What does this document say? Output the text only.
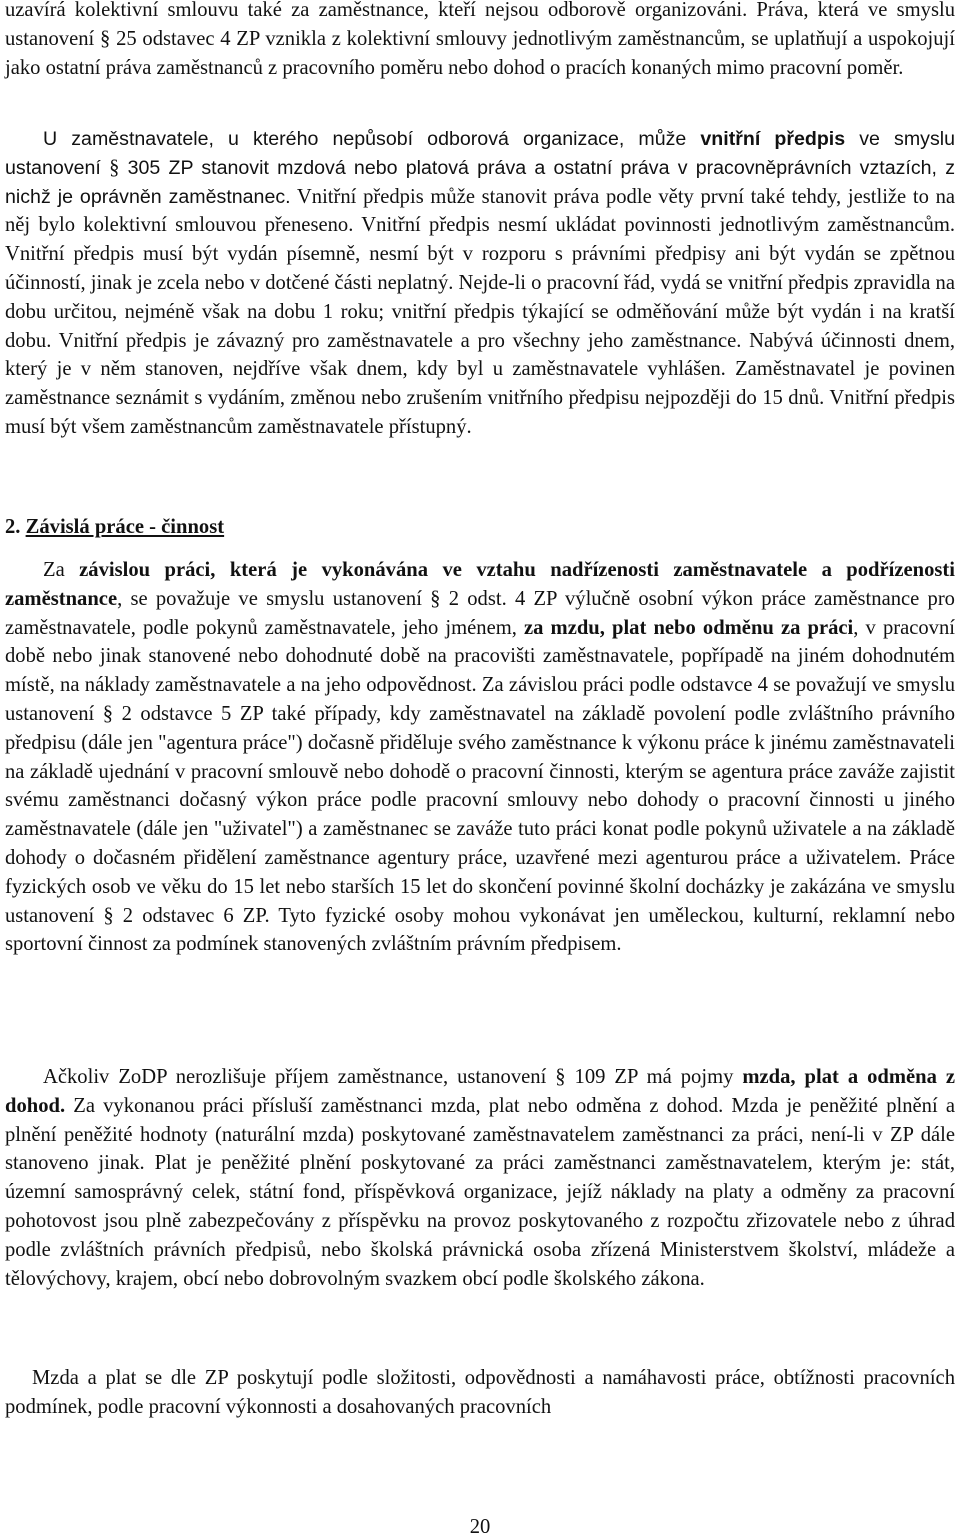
uzavírá kolektivní smlouvu také za zaměstnance, kteří nejsou odborově organizováni. Práva, která ve smyslu ustanovení § 25 odstavec 4 ZP vznikla z kolektivní smlouvy jednotlivým zaměstnancům, se uplatňují a uspokojují jako ostatní práva zaměstnanců z pracovního poměru nebo dohod o pracích konaných mimo pracovní poměr.

U zaměstnavatele, u kterého nepůsobí odborová organizace, může vnitřní předpis ve smyslu ustanovení § 305 ZP stanovit mzdová nebo platová práva a ostatní práva v pracovněprávních vztazích, z nichž je oprávněn zaměstnanec. Vnitřní předpis může stanovit práva podle věty první také tehdy, jestliže to na něj bylo kolektivní smlouvou přeneseno. Vnitřní předpis nesmí ukládat povinnosti jednotlivým zaměstnancům. Vnitřní předpis musí být vydán písemně, nesmí být v rozporu s právními předpisy ani být vydán se zpětnou účinností, jinak je zcela nebo v dotčené části neplatný. Nejde-li o pracovní řád, vydá se vnitřní předpis zpravidla na dobu určitou, nejméně však na dobu 1 roku; vnitřní předpis týkající se odměňování může být vydán i na kratší dobu. Vnitřní předpis je závazný pro zaměstnavatele a pro všechny jeho zaměstnance. Nabývá účinnosti dnem, který je v něm stanoven, nejdříve však dnem, kdy byl u zaměstnavatele vyhlášen. Zaměstnavatel je povinen zaměstnance seznámit s vydáním, změnou nebo zrušením vnitřního předpisu nejpozději do 15 dnů. Vnitřní předpis musí být všem zaměstnancům zaměstnavatele přístupný.

2. Závislá práce - činnost

Za závislou práci, která je vykonávána ve vztahu nadřízenosti zaměstnavatele a podřízenosti zaměstnance, se považuje ve smyslu ustanovení § 2 odst. 4 ZP výlučně osobní výkon práce zaměstnance pro zaměstnavatele, podle pokynů zaměstnavatele, jeho jménem, za mzdu, plat nebo odměnu za práci, v pracovní době nebo jinak stanovené nebo dohodnuté době na pracovišti zaměstnavatele, popřípadě na jiném dohodnutém místě, na náklady zaměstnavatele a na jeho odpovědnost. Za závislou práci podle odstavce 4 se považují ve smyslu ustanovení § 2 odstavce 5 ZP také případy, kdy zaměstnavatel na základě povolení podle zvláštního právního předpisu (dále jen "agentura práce") dočasně přiděluje svého zaměstnance k výkonu práce k jinému zaměstnavateli na základě ujednání v pracovní smlouvě nebo dohodě o pracovní činnosti, kterým se agentura práce zaváže zajistit svému zaměstnanci dočasný výkon práce podle pracovní smlouvy nebo dohody o pracovní činnosti u jiného zaměstnavatele (dále jen "uživatel") a zaměstnanec se zaváže tuto práci konat podle pokynů uživatele a na základě dohody o dočasném přidělení zaměstnance agentury práce, uzavřené mezi agenturou práce a uživatelem. Práce fyzických osob ve věku do 15 let nebo starších 15 let do skončení povinné školní docházky je zakázána ve smyslu ustanovení § 2 odstavec 6 ZP. Tyto fyzické osoby mohou vykonávat jen uměleckou, kulturní, reklamní nebo sportovní činnost za podmínek stanovených zvláštním právním předpisem.

Ačkoliv ZoDP nerozlišuje příjem zaměstnance, ustanovení § 109 ZP má pojmy mzda, plat a odměna z dohod. Za vykonanou práci přísluší zaměstnanci mzda, plat nebo odměna z dohod. Mzda je peněžité plnění a plnění peněžité hodnoty (naturální mzda) poskytované zaměstnavatelem zaměstnanci za práci, není-li v ZP dále stanoveno jinak. Plat je peněžité plnění poskytované za práci zaměstnanci zaměstnavatelem, kterým je: stát, územní samosprávný celek, státní fond, příspěvková organizace, jejíž náklady na platy a odměny za pracovní pohotovost jsou plně zabezpečovány z příspěvku na provoz poskytovaného z rozpočtu zřizovatele nebo z úhrad podle zvláštních právních předpisů, nebo školská právnická osoba zřízená Ministerstvem školství, mládeže a tělovýchovy, krajem, obcí nebo dobrovolným svazkem obcí podle školského zákona.

Mzda a plat se dle ZP poskytují podle složitosti, odpovědnosti a namáhavosti práce, obtížnosti pracovních podmínek, podle pracovní výkonnosti a dosahovaných pracovních

20
